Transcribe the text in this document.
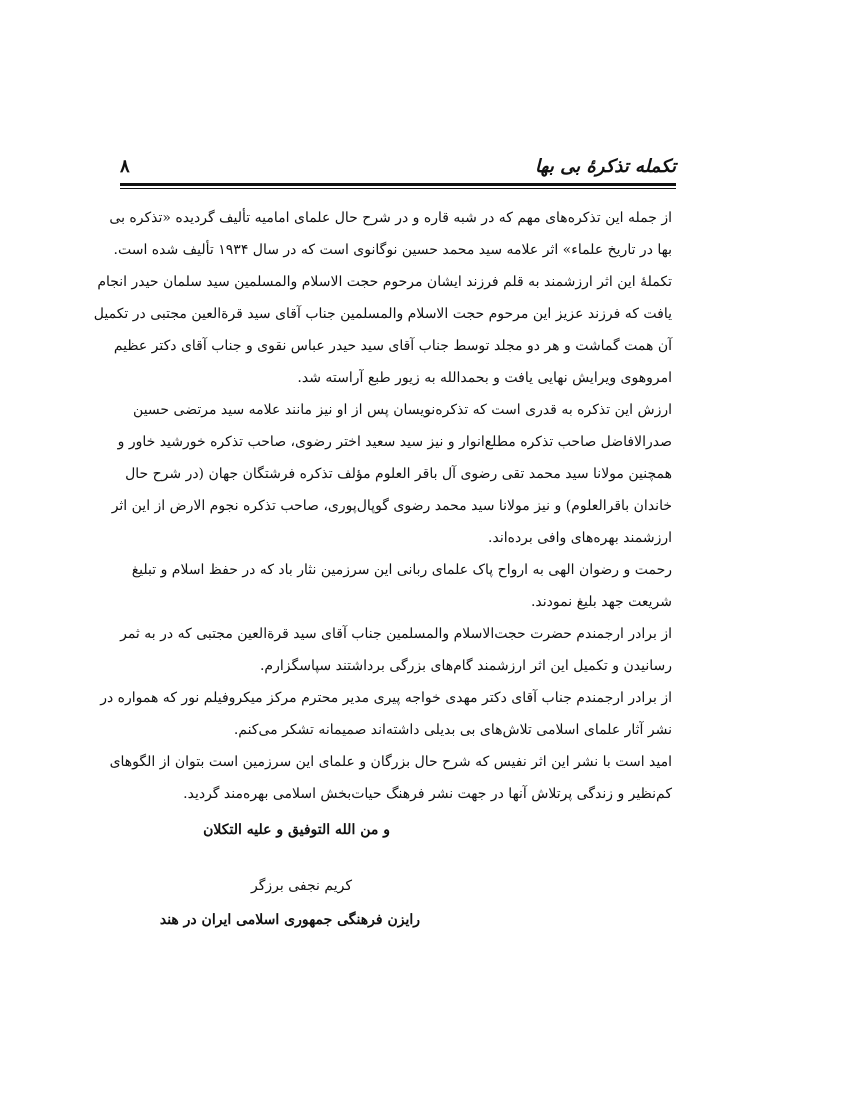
تکمله تذکرهٔ بی بها
۸

از جمله این تذکره‌های مهم که در شبه قاره و در شرح حال علمای امامیه تألیف گردیده «تذکره بی
بها در تاریخ علماء» اثر علامه سید محمد حسین نوگانوی است که در سال ۱۹۳۴ تألیف شده است.

تکملهٔ این اثر ارزشمند به قلم فرزند ایشان مرحوم حجت الاسلام والمسلمین سید سلمان حیدر انجام
یافت که فرزند عزیز این مرحوم حجت الاسلام والمسلمین جناب آقای سید قرةالعین مجتبی در تکمیل
آن همت گماشت و هر دو مجلد توسط جناب آقای سید حیدر عباس نقوی و جناب آقای دکتر عظیم
امروهوی ویرایش نهایی یافت و بحمدالله به زیور طبع آراسته شد.
ارزش این تذکره به قدری است که تذکره‌نویسان پس از او نیز مانند علامه سید مرتضی حسین

صدرالافاضل صاحب تذکره مطلع‌انوار و نیز سید سعید اختر رضوی، صاحب تذکره خورشید خاور و
همچنین مولانا سید محمد تقی رضوی آل باقر العلوم مؤلف تذکره فرشتگان جهان (در شرح حال
خاندان باقرالعلوم) و نیز مولانا سید محمد رضوی گوپال‌پوری، صاحب تذکره نجوم الارض از این اثر
ارزشمند بهره‌های وافی برده‌اند.
رحمت و رضوان الهی به ارواح پاک علمای ربانی این سرزمین نثار باد که در حفظ اسلام و تبلیغ

شریعت جهد بلیغ نمودند.
از برادر ارجمندم حضرت حجت‌الاسلام والمسلمین جناب آقای سید قرةالعین مجتبی که در به ثمر

رسانیدن و تکمیل این اثر ارزشمند گام‌های بزرگی برداشتند سپاسگزارم.
از برادر ارجمندم جناب آقای دکتر مهدی خواجه پیری مدیر محترم مرکز میکروفیلم نور که همواره در

نشر آثار علمای اسلامی تلاش‌های بی بدیلی داشته‌اند صمیمانه تشکر می‌کنم.
امید است با نشر این اثر نفیس که شرح حال بزرگان و علمای این سرزمین است بتوان از الگوهای

کم‌نظیر و زندگی پرتلاش آنها در جهت نشر فرهنگ حیات‌بخش اسلامی بهره‌مند گردید.

و من الله التوفیق و علیه التکلان
کریم نجفی برزگر
رایزن فرهنگی جمهوری اسلامی ایران در هند
